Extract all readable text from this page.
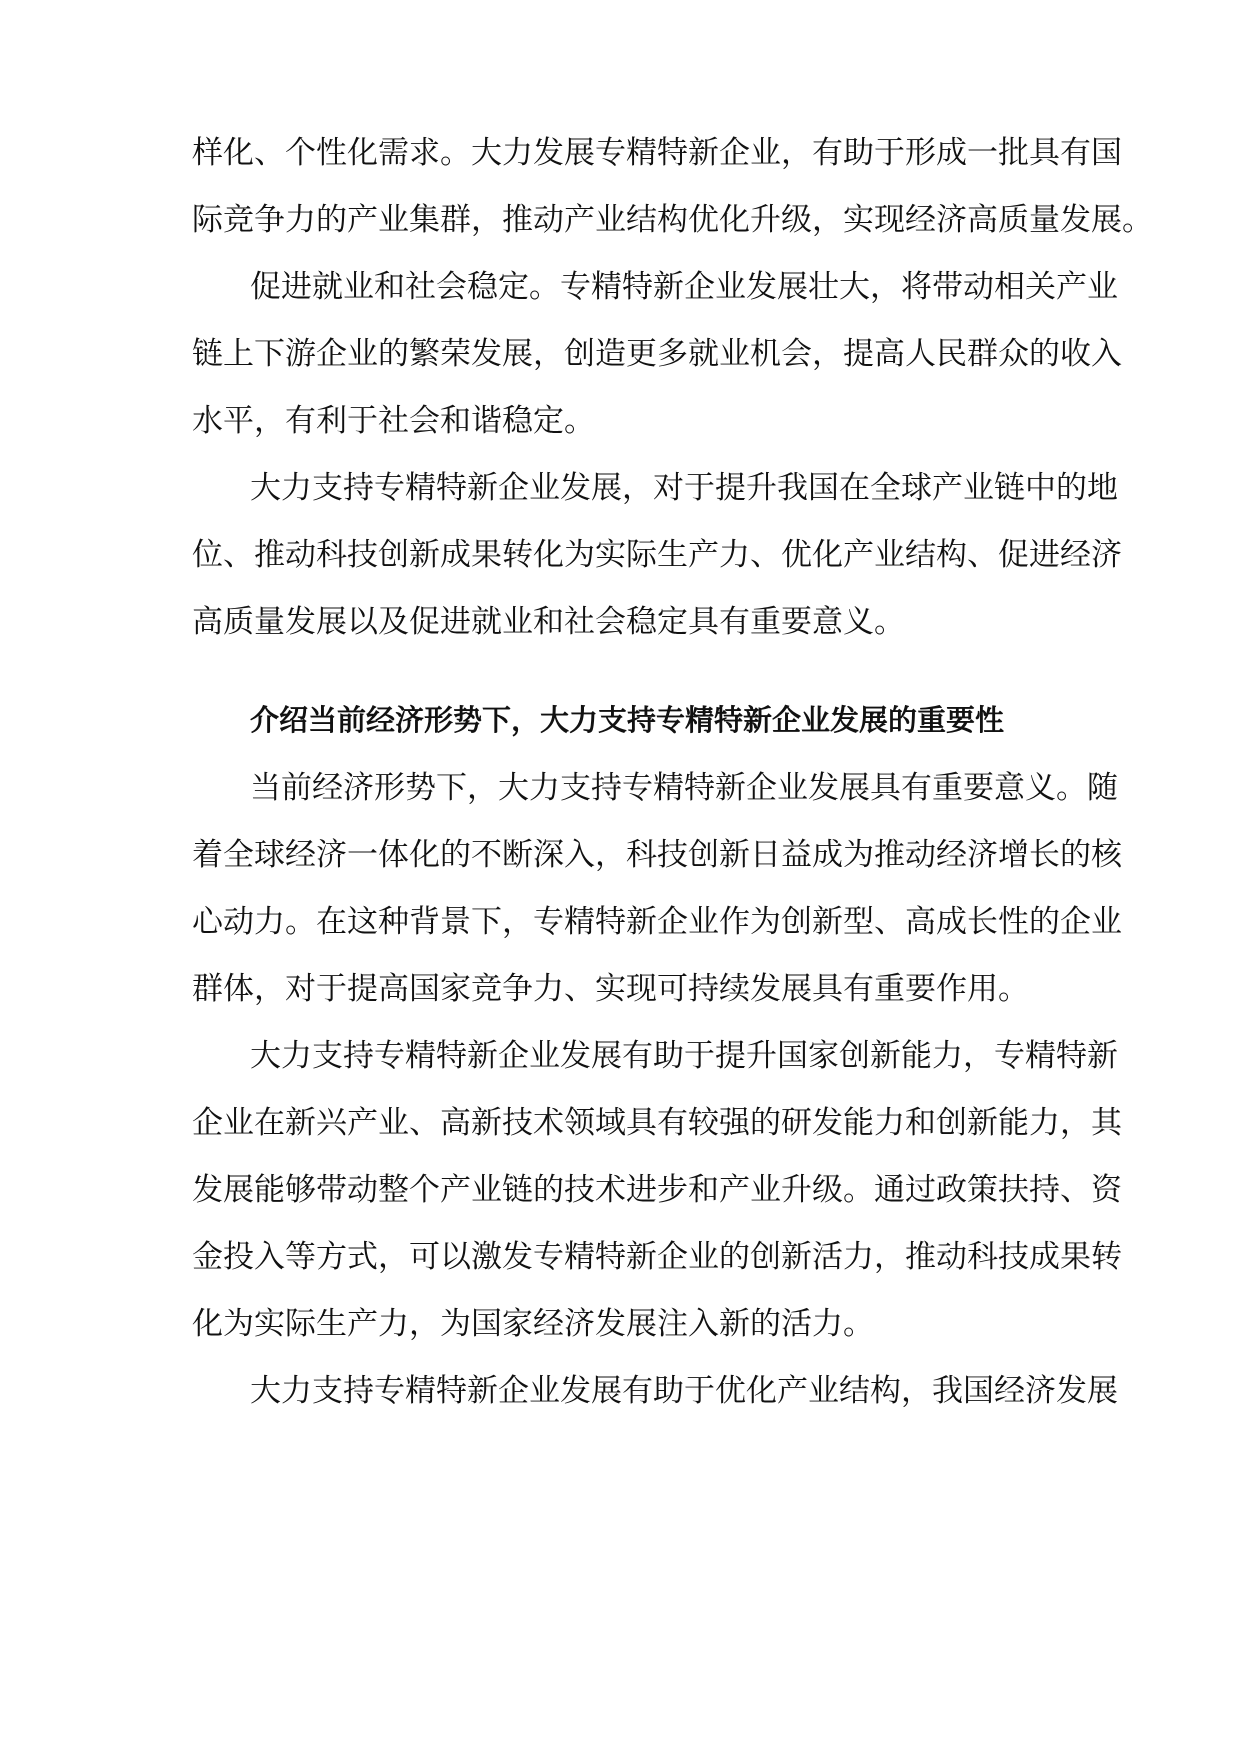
样化、个性化需求。大力发展专精特新企业，有助于形成一批具有国
际竞争力的产业集群，推动产业结构优化升级，实现经济高质量发展。
促进就业和社会稳定。专精特新企业发展壮大，将带动相关产业
链上下游企业的繁荣发展，创造更多就业机会，提高人民群众的收入
水平，有利于社会和谐稳定。
大力支持专精特新企业发展，对于提升我国在全球产业链中的地
位、推动科技创新成果转化为实际生产力、优化产业结构、促进经济
高质量发展以及促进就业和社会稳定具有重要意义。
介绍当前经济形势下，大力支持专精特新企业发展的重要性
当前经济形势下，大力支持专精特新企业发展具有重要意义。随
着全球经济一体化的不断深入，科技创新日益成为推动经济增长的核
心动力。在这种背景下，专精特新企业作为创新型、高成长性的企业
群体，对于提高国家竞争力、实现可持续发展具有重要作用。
大力支持专精特新企业发展有助于提升国家创新能力，专精特新
企业在新兴产业、高新技术领域具有较强的研发能力和创新能力，其
发展能够带动整个产业链的技术进步和产业升级。通过政策扶持、资
金投入等方式，可以激发专精特新企业的创新活力，推动科技成果转
化为实际生产力，为国家经济发展注入新的活力。
大力支持专精特新企业发展有助于优化产业结构，我国经济发展
